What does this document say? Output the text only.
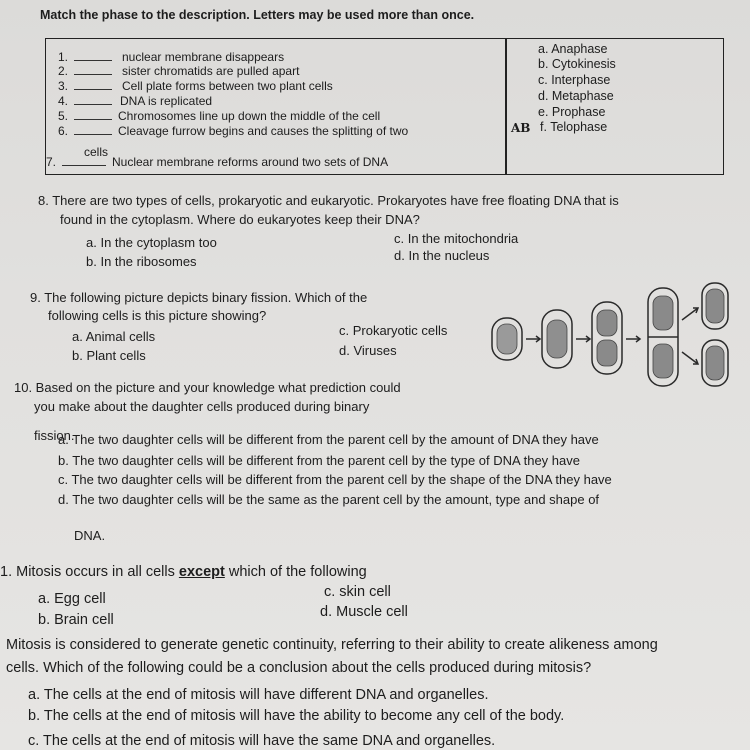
Match the phase to the description. Letters may be used more than once.
1.	nuclear membrane disappears
2.	sister chromatids are pulled apart
3.	Cell plate forms between two plant cells
4.	DNA is replicated
5.	Chromosomes line up down the middle of the cell
6.	Cleavage furrow begins and causes the splitting of two
cells
7.	Nuclear membrane reforms around two sets of DNA
a. Anaphase
b. Cytokinesis
c. Interphase
d. Metaphase
e. Prophase
f. Telophase
AB
8. There are two types of cells, prokaryotic and eukaryotic. Prokaryotes have free floating DNA that is
found in the cytoplasm. Where do eukaryotes keep their DNA?
a. In the cytoplasm too
b. In the ribosomes
c. In the mitochondria
d. In the nucleus
9. The following picture depicts binary fission. Which of the
following cells is this picture showing?
a. Animal cells
b. Plant cells
c. Prokaryotic cells
d. Viruses
10. Based on the picture and your knowledge what prediction could
you make about the daughter cells produced during binary
fission.
a. The two daughter cells will be different from the parent cell by the amount of DNA they have
b. The two daughter cells will be different from the parent cell by the type of DNA they have
c. The two daughter cells will be different from the parent cell by the shape of the DNA they have
d. The two daughter cells will be the same as the parent cell by the amount, type and shape of
DNA.
1. Mitosis occurs in all cells except which of the following
a. Egg cell
b. Brain cell
c. skin cell
d. Muscle cell
Mitosis is considered to generate genetic continuity, referring to their ability to create alikeness among
cells. Which of the following could be a conclusion about the cells produced during mitosis?
a. The cells at the end of mitosis will have different DNA and organelles.
b. The cells at the end of mitosis will have the ability to become any cell of the body.
c. The cells at the end of mitosis will have the same DNA and organelles.
